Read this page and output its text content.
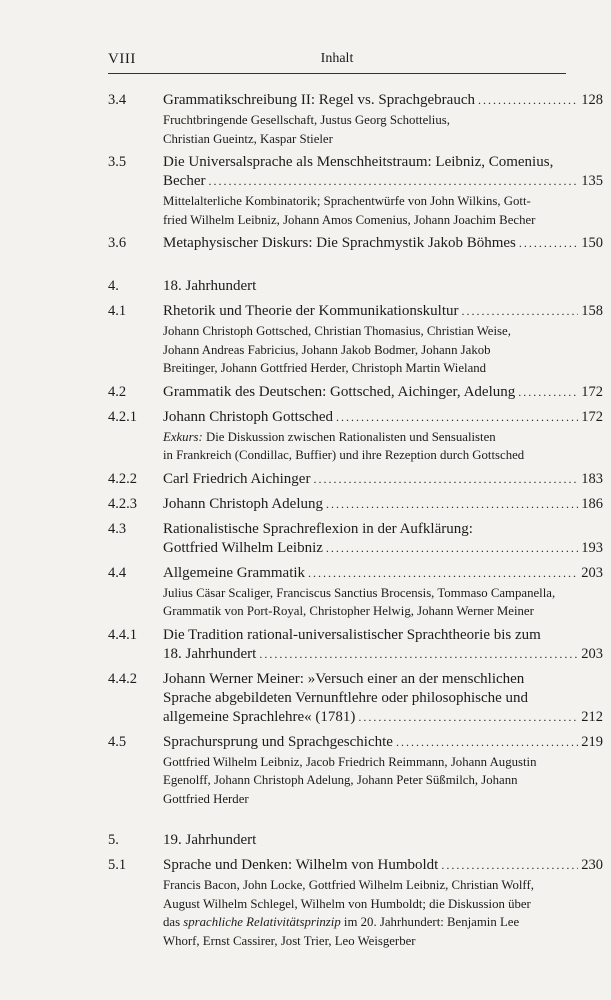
VIII	Inhalt
3.4 Grammatikschreibung II: Regel vs. Sprachgebrauch .....	128
Fruchtbringende Gesellschaft, Justus Georg Schottelius,
Christian Gueintz, Kaspar Stieler
3.5 Die Universalsprache als Menschheitstraum: Leibniz, Comenius,
Becher .....	135
Mittelalterliche Kombinatorik; Sprachentwürfe von John Wilkins, Gott-
fried Wilhelm Leibniz, Johann Amos Comenius, Johann Joachim Becher
3.6 Metaphysischer Diskurs: Die Sprachmystik Jakob Böhmes .....	150
4.	18. Jahrhundert
4.1 Rhetorik und Theorie der Kommunikationskultur .....	158
Johann Christoph Gottsched, Christian Thomasius, Christian Weise,
Johann Andreas Fabricius, Johann Jakob Bodmer, Johann Jakob
Breitinger, Johann Gottfried Herder, Christoph Martin Wieland
4.2 Grammatik des Deutschen: Gottsched, Aichinger, Adelung .....	172
4.2.1 Johann Christoph Gottsched .....	172
Exkurs: Die Diskussion zwischen Rationalisten und Sensualisten
in Frankreich (Condillac, Buffier) und ihre Rezeption durch Gottsched
4.2.2 Carl Friedrich Aichinger .....	183
4.2.3 Johann Christoph Adelung .....	186
4.3 Rationalistische Sprachreflexion in der Aufklärung:
Gottfried Wilhelm Leibniz .....	193
4.4 Allgemeine Grammatik .....	203
Julius Cäsar Scaliger, Franciscus Sanctius Brocensis, Tommaso Campanella,
Grammatik von Port-Royal, Christopher Helwig, Johann Werner Meiner
4.4.1 Die Tradition rational-universalistischer Sprachtheorie bis zum
18. Jahrhundert .....	203
4.4.2 Johann Werner Meiner: »Versuch einer an der menschlichen
Sprache abgebildeten Vernunftlehre oder philosophische und
allgemeine Sprachlehre« (1781) .....	212
4.5 Sprachursprung und Sprachgeschichte .....	219
Gottfried Wilhelm Leibniz, Jacob Friedrich Reimmann, Johann Augustin
Egenolff, Johann Christoph Adelung, Johann Peter Süßmilch, Johann
Gottfried Herder
5.	19. Jahrhundert
5.1 Sprache und Denken: Wilhelm von Humboldt .....	230
Francis Bacon, John Locke, Gottfried Wilhelm Leibniz, Christian Wolff,
August Wilhelm Schlegel, Wilhelm von Humboldt; die Diskussion über
das sprachliche Relativitätsprinzip im 20. Jahrhundert: Benjamin Lee
Whorf, Ernst Cassirer, Jost Trier, Leo Weisgerber
